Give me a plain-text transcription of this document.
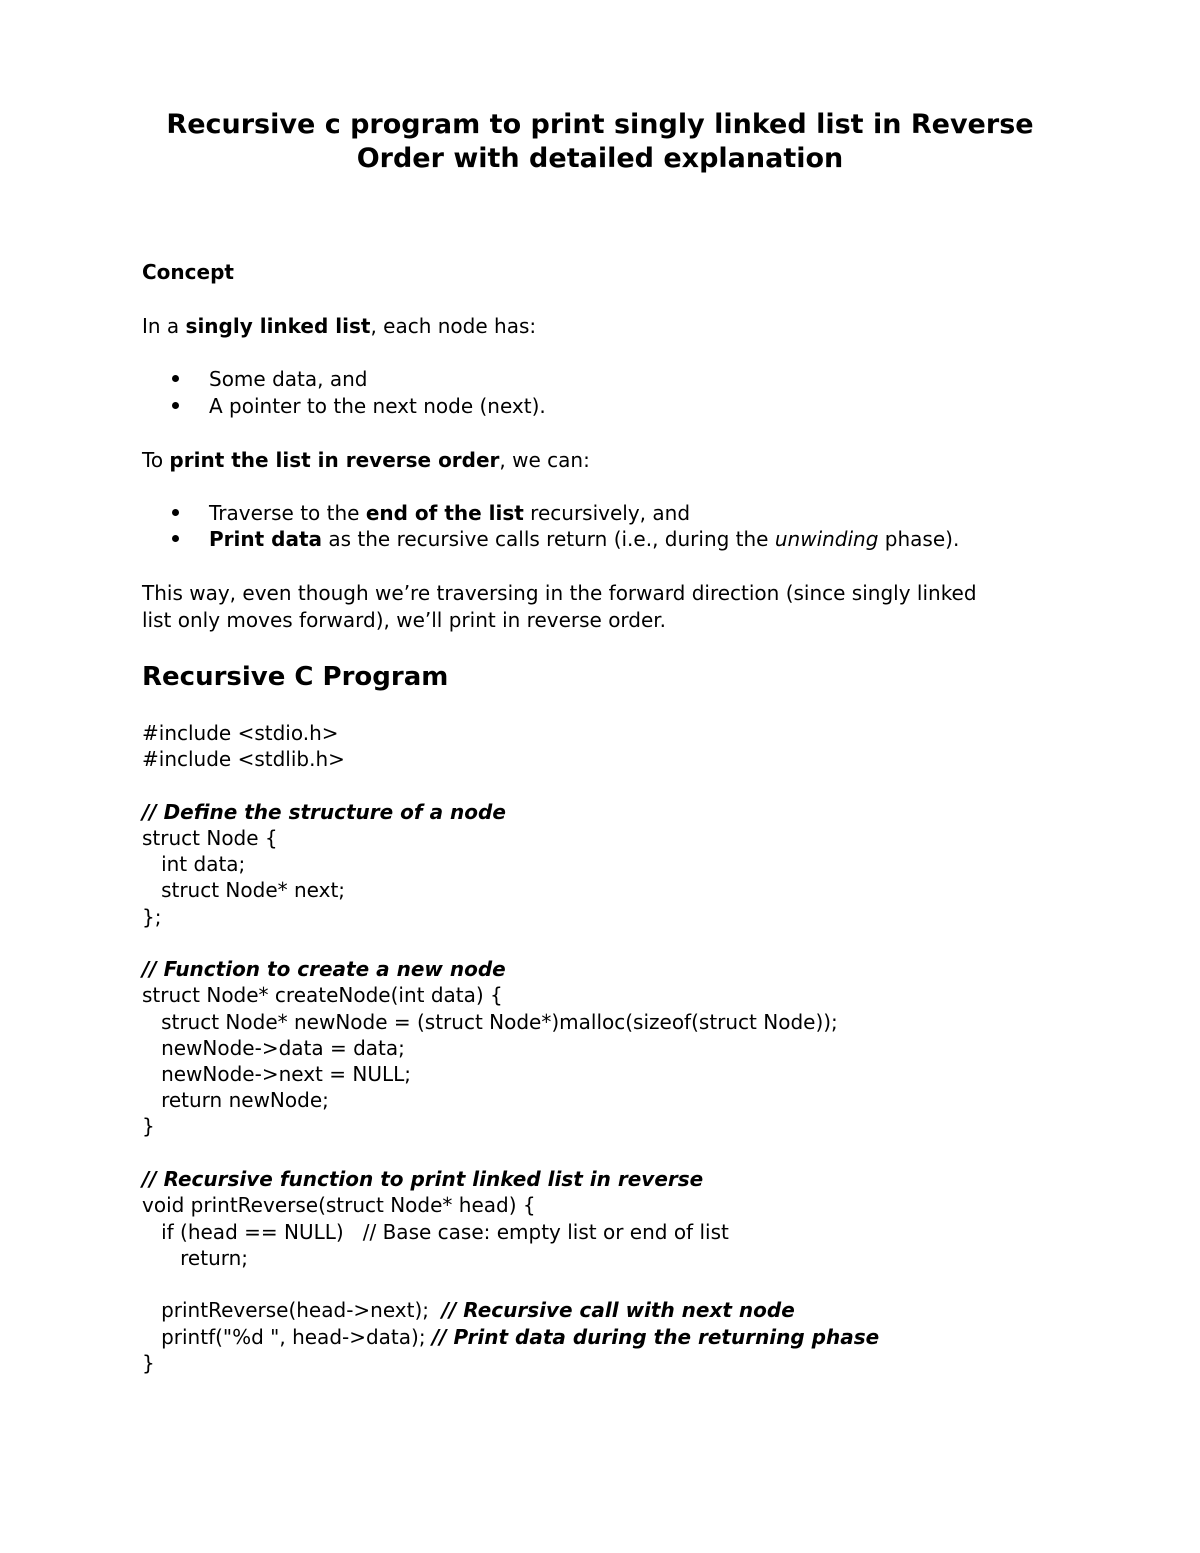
Recursive c program to print singly linked list in Reverse
Order with detailed explanation
Concept
In a singly linked list, each node has:
Some data, and
A pointer to the next node (next).
To print the list in reverse order, we can:
Traverse to the end of the list recursively, and
Print data as the recursive calls return (i.e., during the unwinding phase).
This way, even though we’re traversing in the forward direction (since singly linked
list only moves forward), we’ll print in reverse order.
Recursive C Program
#include <stdio.h>
#include <stdlib.h>
// Define the structure of a node
struct Node {
int data;
struct Node* next;
};
// Function to create a new node
struct Node* createNode(int data) {
struct Node* newNode = (struct Node*)malloc(sizeof(struct Node));
newNode->data = data;
newNode->next = NULL;
return newNode;
}
// Recursive function to print linked list in reverse
void printReverse(struct Node* head) {
if (head == NULL)   // Base case: empty list or end of list
return;
printReverse(head->next);  // Recursive call with next node
printf("%d ", head->data); // Print data during the returning phase
}
